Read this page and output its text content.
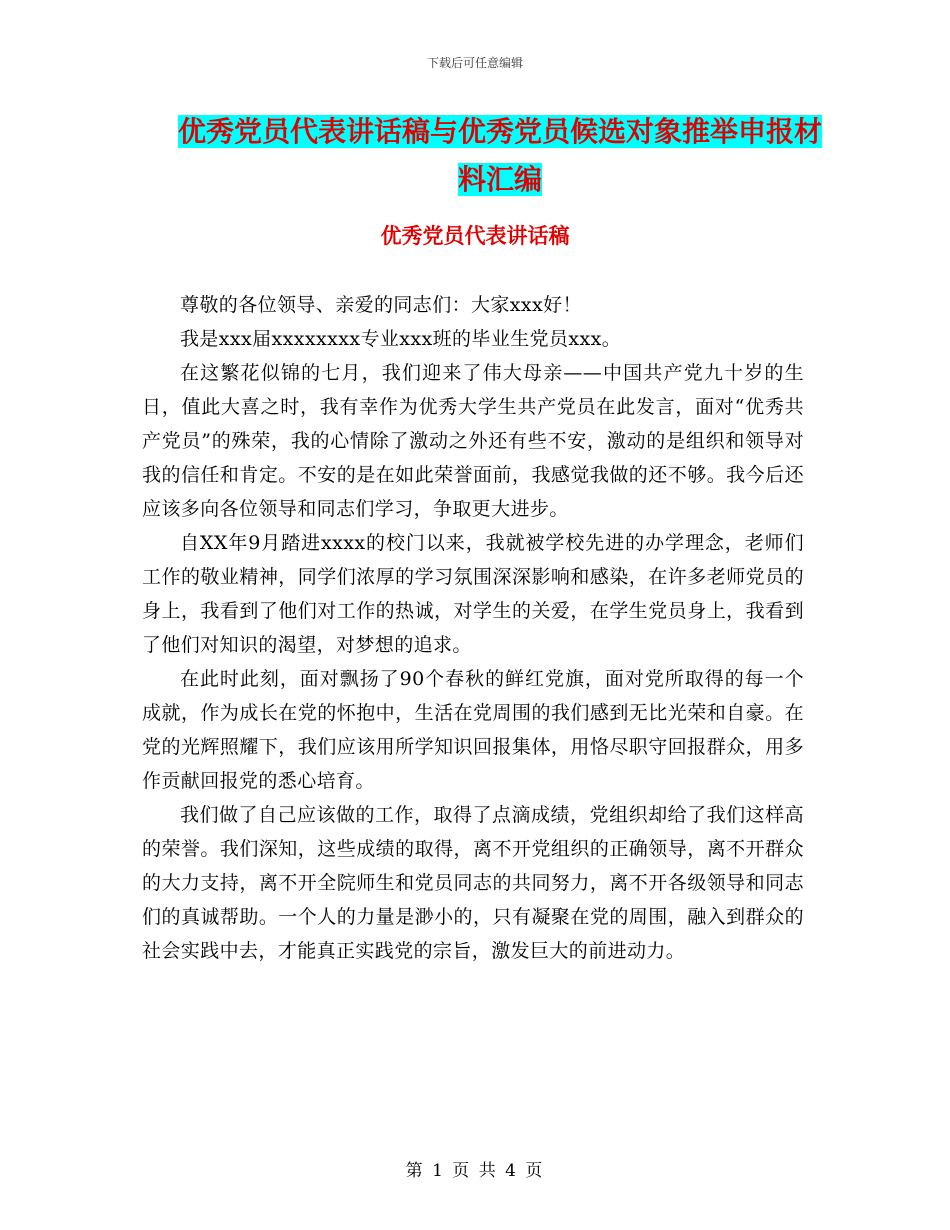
下载后可任意编辑
优秀党员代表讲话稿与优秀党员候选对象推举申报材
料汇编
优秀党员代表讲话稿

尊敬的各位领导、亲爱的同志们：大家xxx好！

我是xxx届xxxxxxxx专业xxx班的毕业生党员xxx。

在这繁花似锦的七月，我们迎来了伟大母亲——中国共产党九十岁的生日，值此大喜之时，我有幸作为优秀大学生共产党员在此发言，面对“优秀共产党员”的殊荣，我的心情除了激动之外还有些不安，激动的是组织和领导对我的信任和肯定。不安的是在如此荣誉面前，我感觉我做的还不够。我今后还应该多向各位领导和同志们学习，争取更大进步。

自XX年9月踏进xxxx的校门以来，我就被学校先进的办学理念，老师们工作的敬业精神，同学们浓厚的学习氛围深深影响和感染，在许多老师党员的身上，我看到了他们对工作的热诚，对学生的关爱，在学生党员身上，我看到了他们对知识的渴望，对梦想的追求。

在此时此刻，面对飘扬了90个春秋的鲜红党旗，面对党所取得的每一个成就，作为成长在党的怀抱中，生活在党周围的我们感到无比光荣和自豪。在党的光辉照耀下，我们应该用所学知识回报集体，用恪尽职守回报群众，用多作贡献回报党的悉心培育。

我们做了自己应该做的工作，取得了点滴成绩，党组织却给了我们这样高的荣誉。我们深知，这些成绩的取得，离不开党组织的正确领导，离不开群众的大力支持，离不开全院师生和党员同志的共同努力，离不开各级领导和同志们的真诚帮助。一个人的力量是渺小的，只有凝聚在党的周围，融入到群众的社会实践中去，才能真正实践党的宗旨，激发巨大的前进动力。

第 1 页 共 4 页
